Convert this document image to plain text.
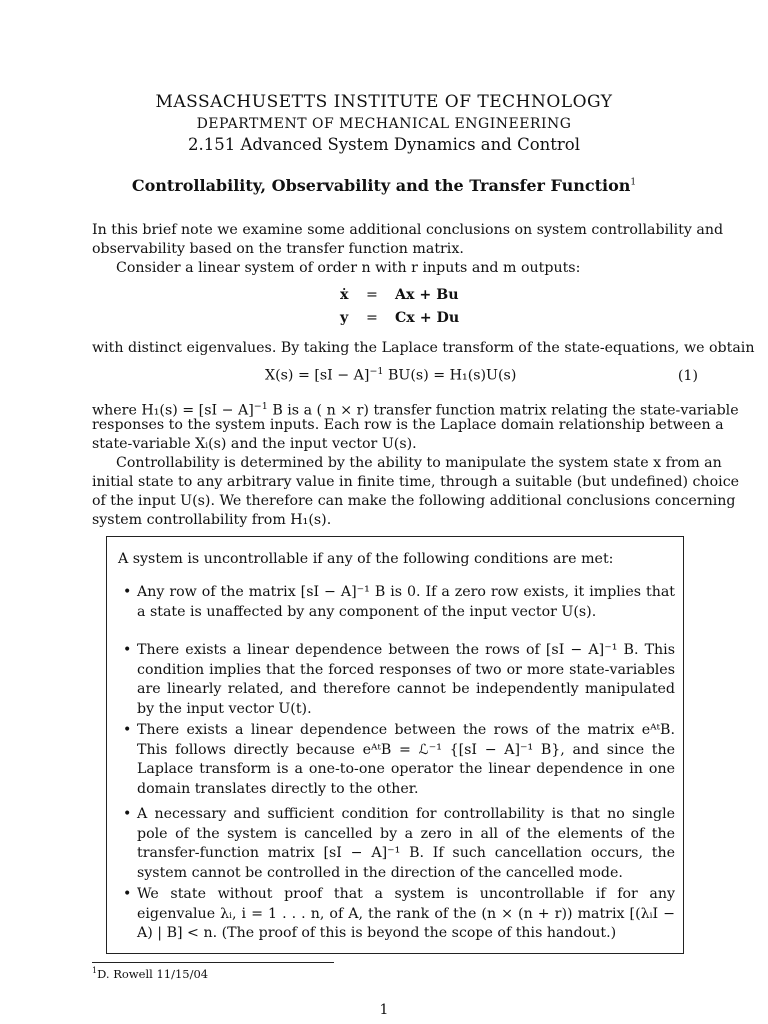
MASSACHUSETTS INSTITUTE OF TECHNOLOGY
DEPARTMENT OF MECHANICAL ENGINEERING
2.151 Advanced System Dynamics and Control
Controllability, Observability and the Transfer Function$^1$
In this brief note we examine some additional conclusions on system controllability and
observability based on the transfer function matrix.
Consider a linear system of order n with r inputs and m outputs:
ẋ = Ax + Bu
y = Cx + Du
with distinct eigenvalues. By taking the Laplace transform of the state-equations, we obtain
X(s) = [sI − A]$^{-1}$ BU(s) = H₁(s)U(s)	(1)
where H₁(s) = [sI − A]$^{-1}$ B is a ( n × r) transfer function matrix relating the state-variable
responses to the system inputs. Each row is the Laplace domain relationship between a
state-variable Xᵢ(s) and the input vector U(s).
Controllability is determined by the ability to manipulate the system state x from an
initial state to any arbitrary value in finite time, through a suitable (but undefined) choice
of the input U(s). We therefore can make the following additional conclusions concerning
system controllability from H₁(s).
A system is uncontrollable if any of the following conditions are met:
• Any row of the matrix [sI − A]⁻¹ B is 0. If a zero row exists, it implies that a state is unaffected by any component of the input vector U(s).
• There exists a linear dependence between the rows of [sI − A]⁻¹ B. This condition implies that the forced responses of two or more state-variables are linearly related, and therefore cannot be independently manipulated by the input vector U(t).
• There exists a linear dependence between the rows of the matrix eᴬᵗB. This follows directly because eᴬᵗB = ℒ⁻¹ {[sI − A]⁻¹ B}, and since the Laplace transform is a one-to-one operator the linear dependence in one domain translates directly to the other.
• A necessary and sufficient condition for controllability is that no single pole of the system is cancelled by a zero in all of the elements of the transfer-function matrix [sI − A]⁻¹ B. If such cancellation occurs, the system cannot be controlled in the direction of the cancelled mode.
• We state without proof that a system is uncontrollable if for any eigenvalue λᵢ, i = 1 . . . n, of A, the rank of the (n × (n + r)) matrix [(λᵢI − A) | B] < n. (The proof of this is beyond the scope of this handout.)
$^1$D. Rowell 11/15/04
1
